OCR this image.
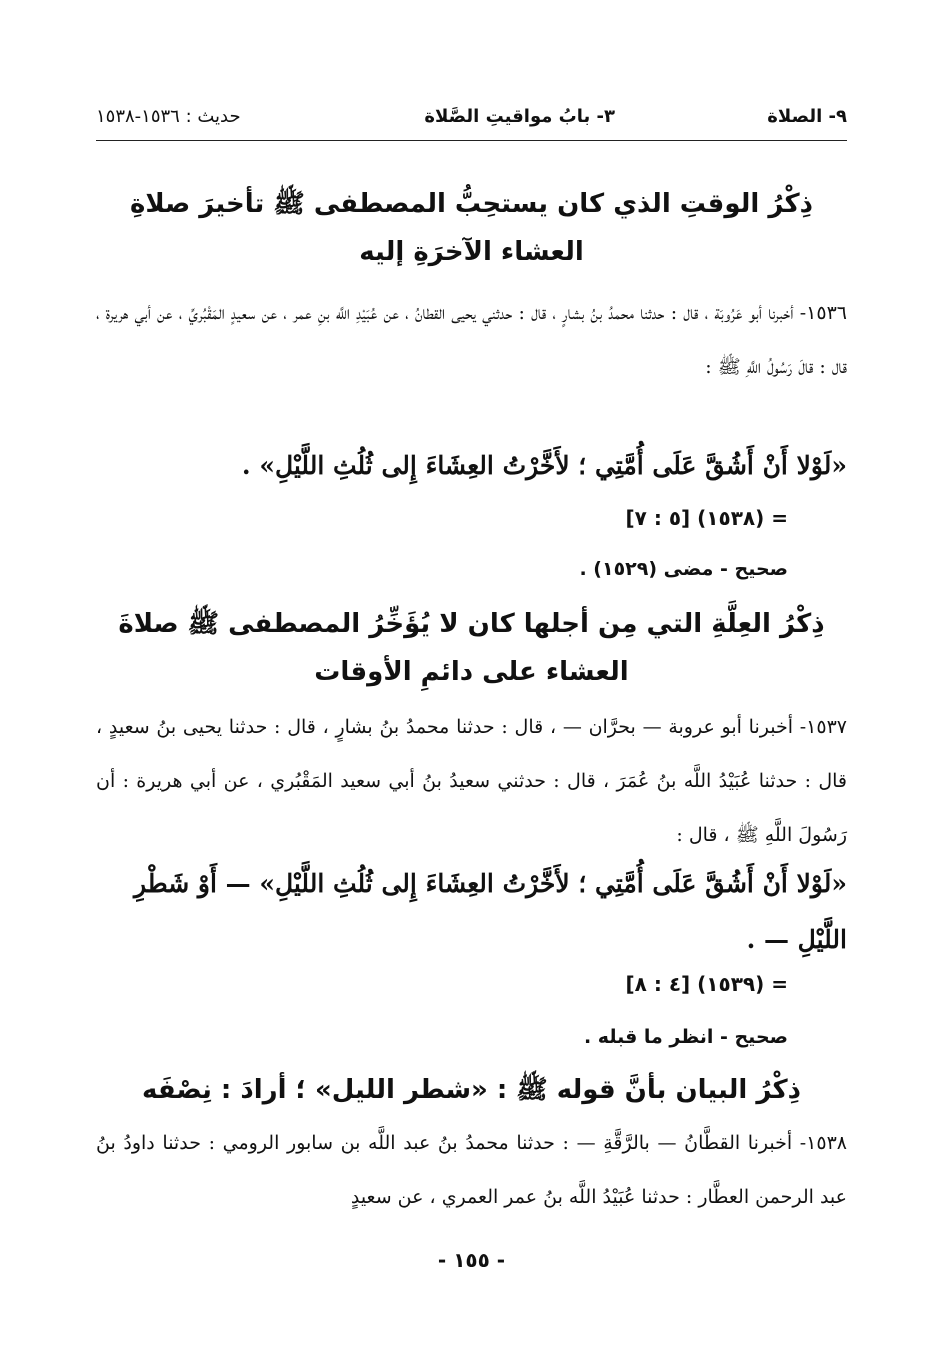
٩- الصلاة
٣- بابُ مواقيتِ الصَّلاة
حديث : ١٥٣٦-١٥٣٨
ذِكْرُ الوقتِ الذي كان يستحِبُّ المصطفى ﷺ تأخيرَ صلاةِ العشاء الآخرَةِ إليه
١٥٣٦- أخبرنا أبو عَرُوبَة ، قال : حدثنا محمدُ بنُ بشارٍ ، قال : حدثني يحيى القطانُ ، عن عُبَيْدِ اللَّه بنِ عمر ، عن سعيدٍ المَقْبُريِّ ، عن أبي هريرة ، قال : قالَ رَسُولُ اللَّهِ ﷺ :
«لَوْلا أَنْ أَشُقَّ عَلَى أُمَّتِي ؛ لأَخَّرْتُ العِشَاءَ إِلى ثُلُثِ اللَّيْلِ» .
= (١٥٣٨) [٥ : ٧]
صحيح - مضى (١٥٢٩) .
ذِكْرُ العِلَّةِ التي مِن أجلها كان لا يُؤَخِّرُ المصطفى ﷺ صلاةَ العشاء على دائمِ الأوقات
١٥٣٧- أخبرنا أبو عروبة — بحرَّان — ، قال : حدثنا محمدُ بنُ بشارٍ ، قال : حدثنا يحيى بنُ سعيدٍ ، قال : حدثنا عُبَيْدُ اللَّه بنُ عُمَرَ ، قال : حدثني سعيدُ بنُ أبي سعيد المَقْبُري ، عن أبي هريرة : أن رَسُولَ اللَّهِ ﷺ ، قال :
«لَوْلا أَنْ أَشُقَّ عَلَى أُمَّتِي ؛ لأَخَّرْتُ العِشَاءَ إِلى ثُلُثِ اللَّيْلِ» — أَوْ شَطْرِ اللَّيْلِ — .
= (١٥٣٩) [٤ : ٨]
صحيح - انظر ما قبله .
ذِكْرُ البيان بأنَّ قوله ﷺ : «شطر الليل» ؛ أرادَ : نِصْفَه
١٥٣٨- أخبرنا القطَّانُ — بالرَّقَّةِ — : حدثنا محمدُ بنُ عبد اللَّه بن سابور الرومي : حدثنا داودُ بنُ عبد الرحمن العطَّار : حدثنا عُبَيْدُ اللَّه بنُ عمر العمري ، عن سعيدٍ
- ١٥٥ -
